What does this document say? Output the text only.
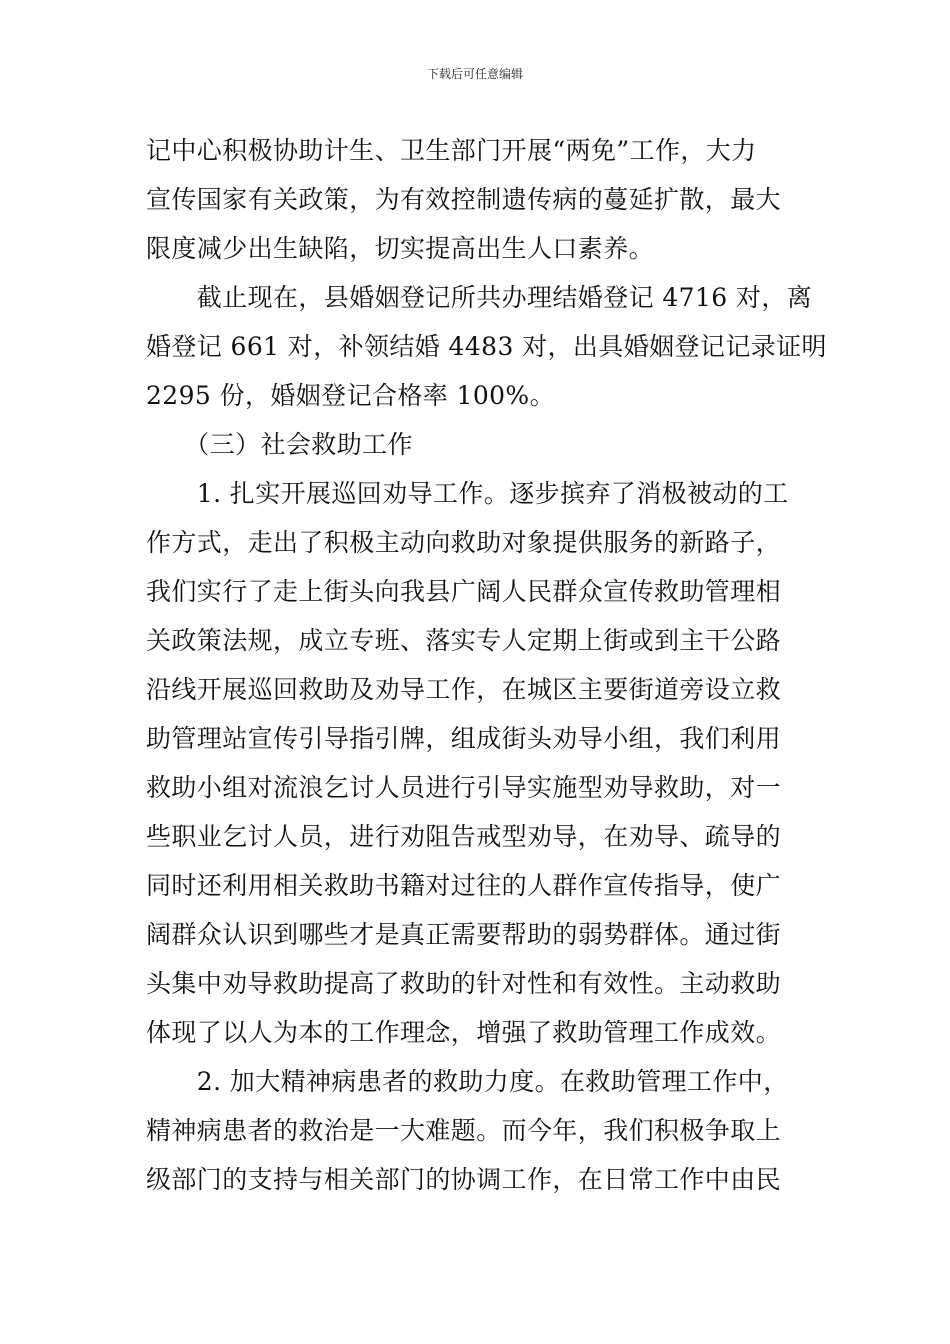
下载后可任意编辑
记中心积极协助计生、卫生部门开展“两免”工作，大力
宣传国家有关政策，为有效控制遗传病的蔓延扩散，最大
限度减少出生缺陷，切实提高出生人口素养。
　　截止现在，县婚姻登记所共办理结婚登记 4716 对，离
婚登记 661 对，补领结婚 4483 对，出具婚姻登记记录证明
2295 份，婚姻登记合格率 100%。
　　（三）社会救助工作
　　1. 扎实开展巡回劝导工作。逐步摈弃了消极被动的工
作方式，走出了积极主动向救助对象提供服务的新路子，
我们实行了走上街头向我县广阔人民群众宣传救助管理相
关政策法规，成立专班、落实专人定期上街或到主干公路
沿线开展巡回救助及劝导工作，在城区主要街道旁设立救
助管理站宣传引导指引牌，组成街头劝导小组，我们利用
救助小组对流浪乞讨人员进行引导实施型劝导救助，对一
些职业乞讨人员，进行劝阻告戒型劝导，在劝导、疏导的
同时还利用相关救助书籍对过往的人群作宣传指导，使广
阔群众认识到哪些才是真正需要帮助的弱势群体。通过街
头集中劝导救助提高了救助的针对性和有效性。主动救助
体现了以人为本的工作理念，增强了救助管理工作成效。
　　2. 加大精神病患者的救助力度。在救助管理工作中，
精神病患者的救治是一大难题。而今年，我们积极争取上
级部门的支持与相关部门的协调工作，在日常工作中由民
